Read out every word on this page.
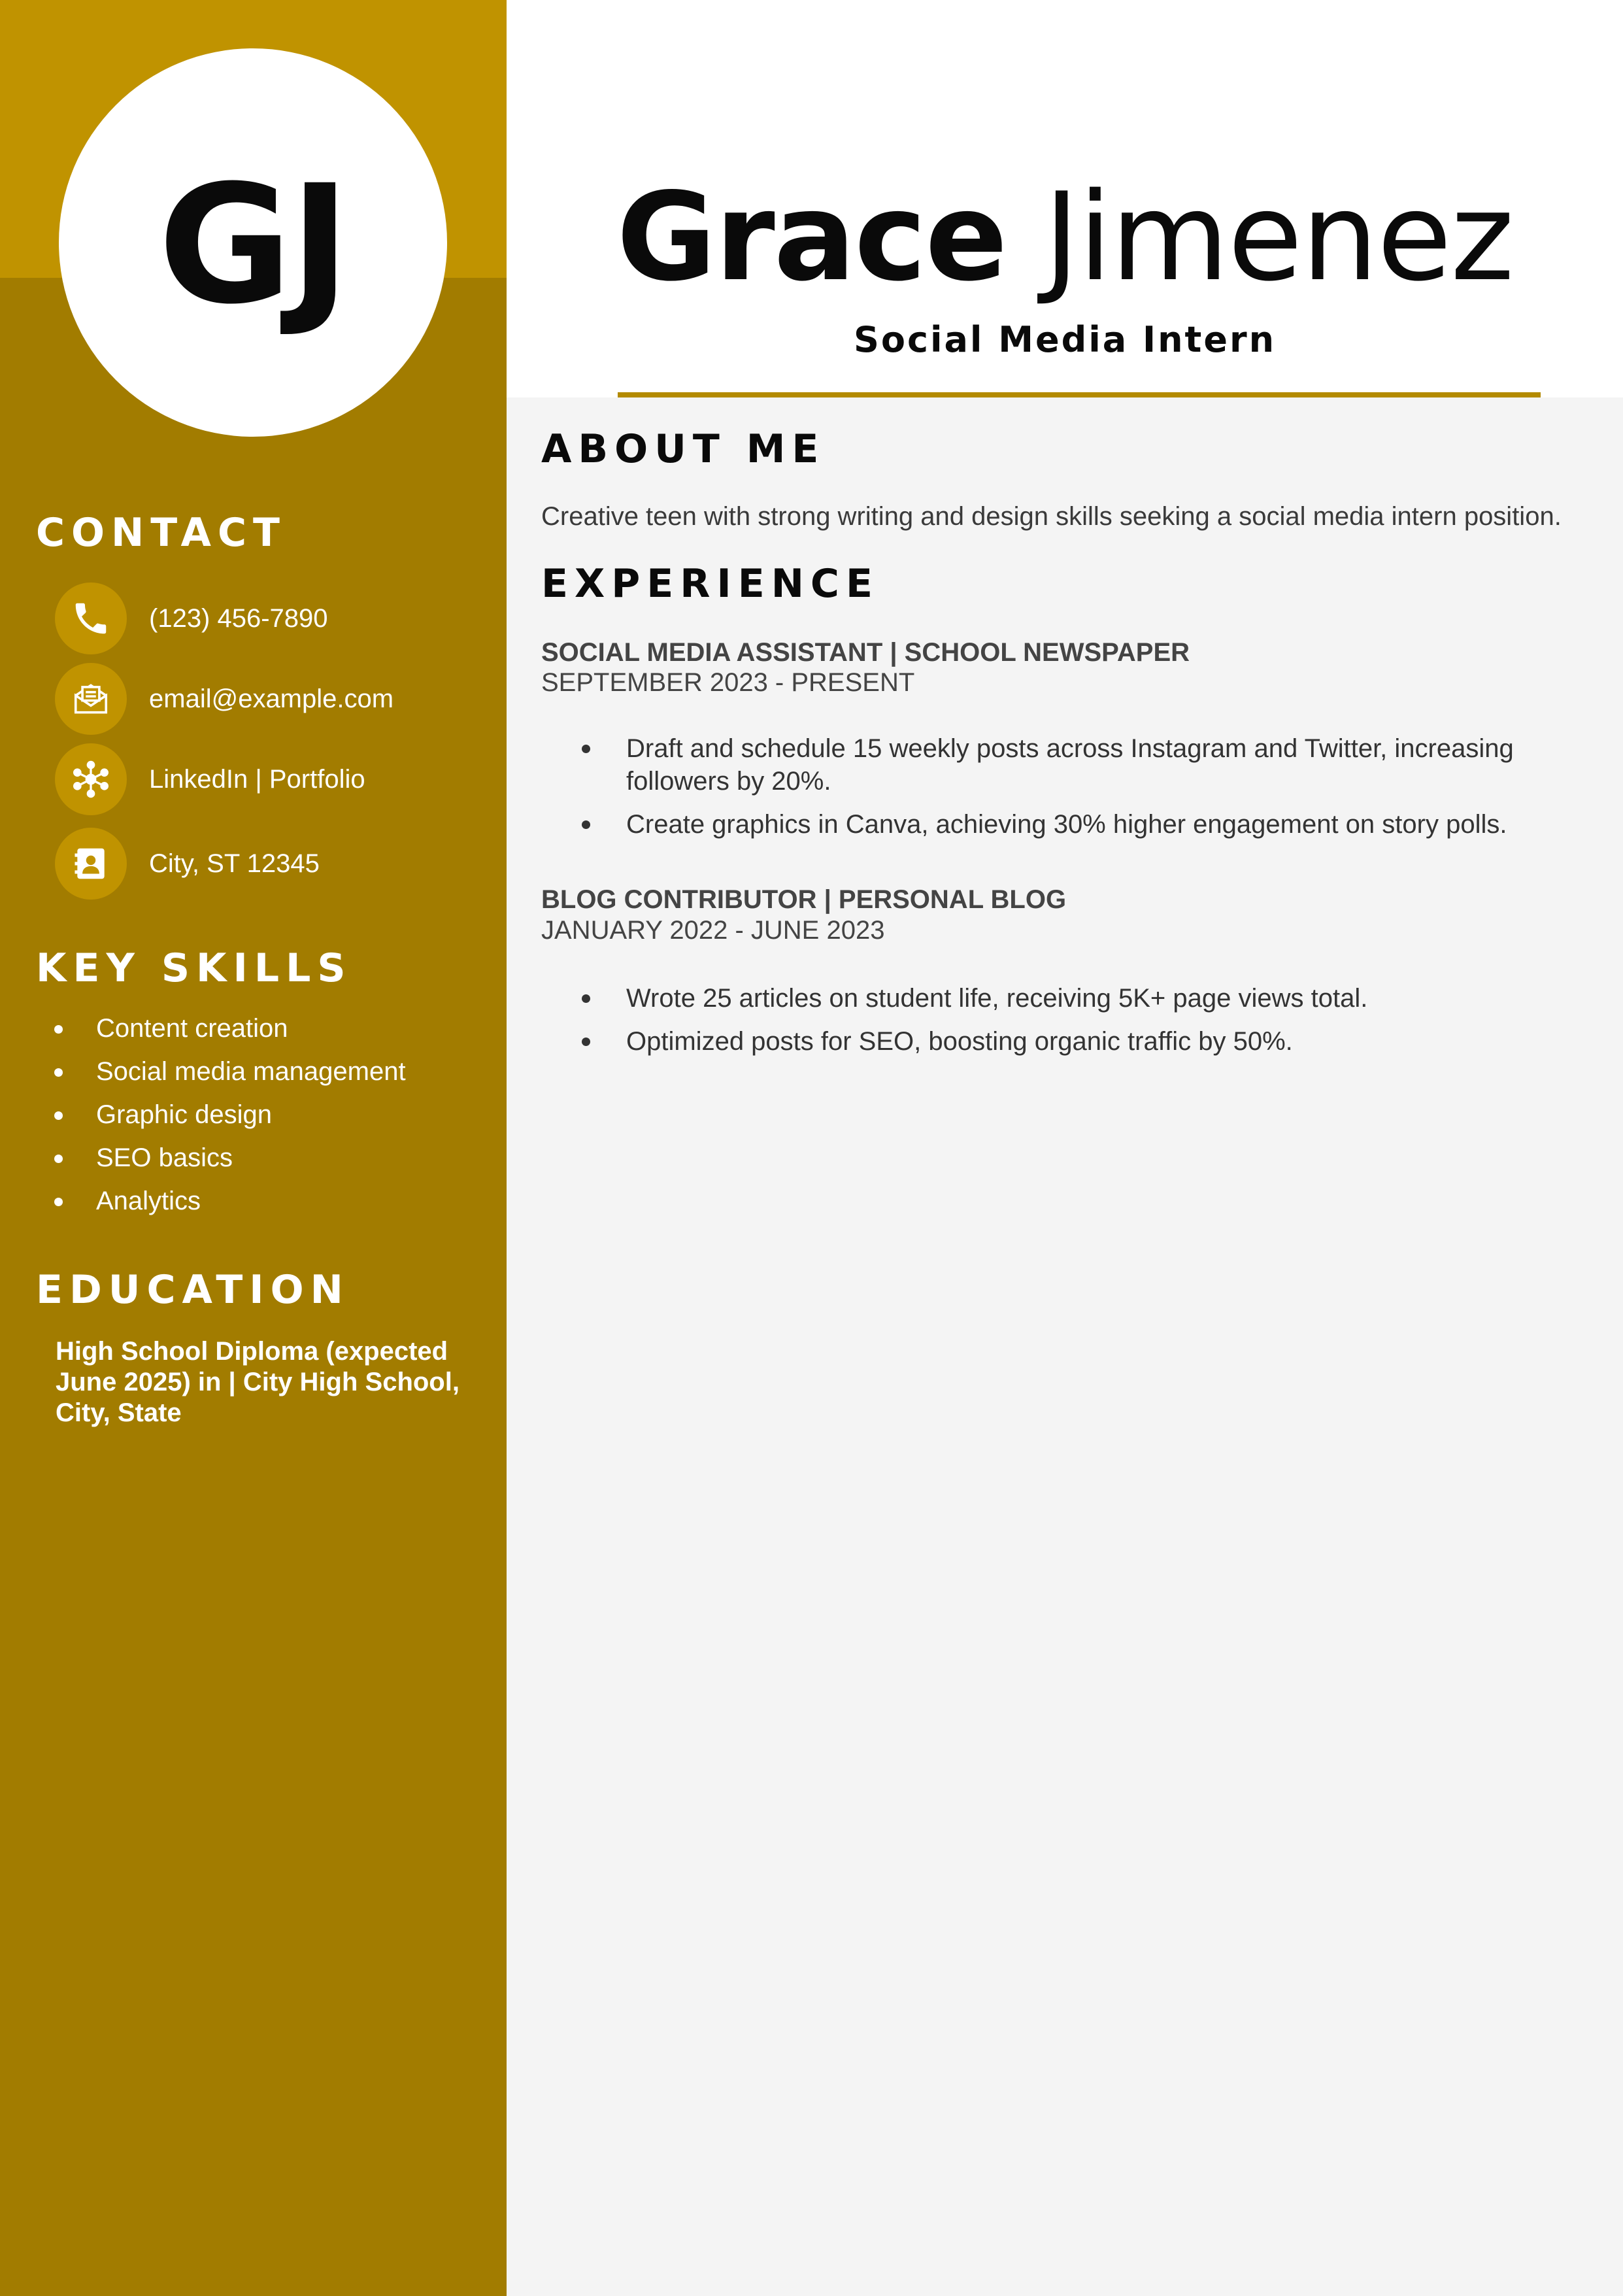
GJ
CONTACT
(123) 456-7890
email@example.com
LinkedIn | Portfolio
City, ST 12345
KEY SKILLS
Content creation
Social media management
Graphic design
SEO basics
Analytics
EDUCATION
High School Diploma (expected June 2025) in | City High School, City, State
Grace Jimenez
Social Media Intern
ABOUT ME
Creative teen with strong writing and design skills seeking a social media intern position.
EXPERIENCE
SOCIAL MEDIA ASSISTANT | SCHOOL NEWSPAPER
SEPTEMBER 2023 - PRESENT
Draft and schedule 15 weekly posts across Instagram and Twitter, increasing followers by 20%.
Create graphics in Canva, achieving 30% higher engagement on story polls.
BLOG CONTRIBUTOR | PERSONAL BLOG
JANUARY 2022 - JUNE 2023
Wrote 25 articles on student life, receiving 5K+ page views total.
Optimized posts for SEO, boosting organic traffic by 50%.
